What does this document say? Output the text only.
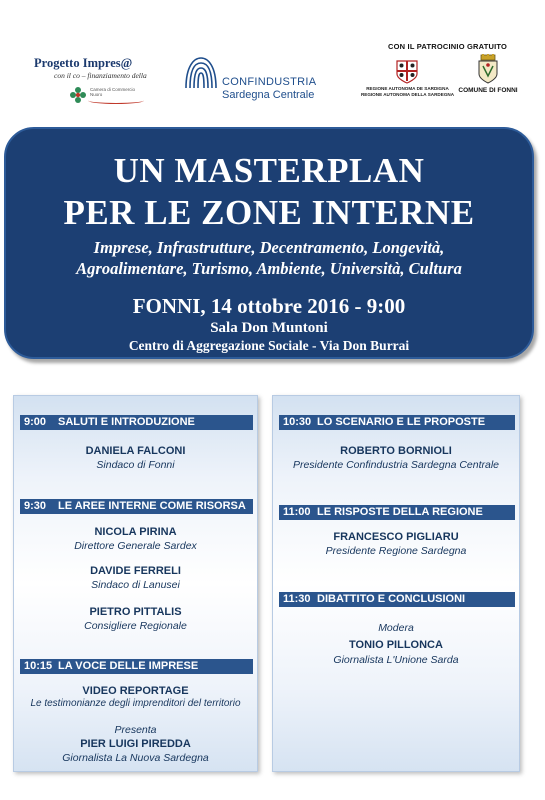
Progetto Impres@
con il co – finanziamento della
Camera di Commercio
Nuoro
CONFINDUSTRIA
Sardegna Centrale
CON IL PATROCINIO GRATUITO
REGIONE AUTONOMA DE SARDIGNA
REGIONE AUTONOMA DELLA SARDEGNA COMUNE DI FONNI
UN MASTERPLAN
PER LE ZONE INTERNE
Imprese, Infrastrutture, Decentramento, Longevità,
Agroalimentare, Turismo, Ambiente, Università, Cultura
FONNI, 14 ottobre 2016 - 9:00
Sala Don Muntoni
Centro di Aggregazione Sociale - Via Don Burrai
9:00 SALUTI E INTRODUZIONE
DANIELA FALCONI
Sindaco di Fonni
9:30 LE AREE INTERNE COME RISORSA
NICOLA PIRINA
Direttore Generale Sardex
DAVIDE FERRELI
Sindaco di Lanusei
PIETRO PITTALIS
Consigliere Regionale
10:15 LA VOCE DELLE IMPRESE
VIDEO REPORTAGE
Le testimonianze degli imprenditori del territorio
Presenta
PIER LUIGI PIREDDA
Giornalista La Nuova Sardegna
10:30 LO SCENARIO E LE PROPOSTE
ROBERTO BORNIOLI
Presidente Confindustria Sardegna Centrale
11:00 LE RISPOSTE DELLA REGIONE
FRANCESCO PIGLIARU
Presidente Regione Sardegna
11:30 DIBATTITO E CONCLUSIONI
Modera
TONIO PILLONCA
Giornalista L'Unione Sarda
